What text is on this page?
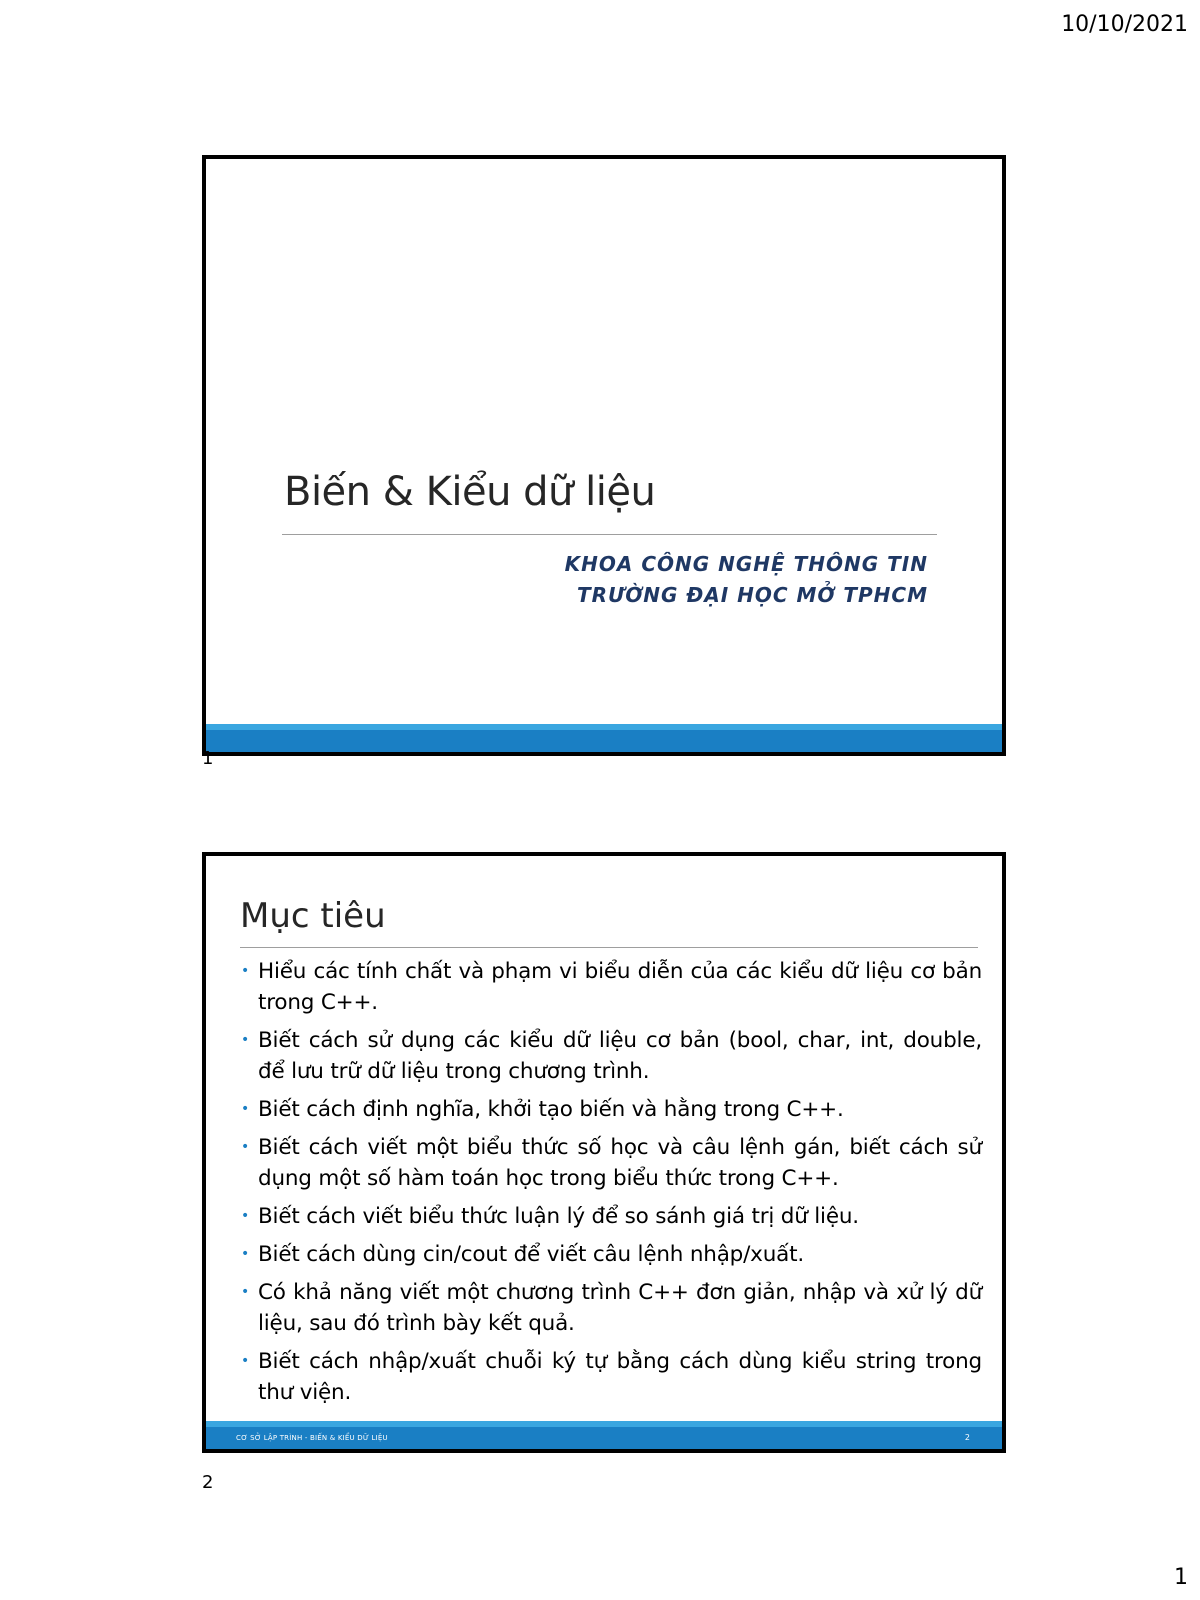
10/10/2021
Biến & Kiểu dữ liệu
KHOA CÔNG NGHỆ THÔNG TIN
TRƯỜNG ĐẠI HỌC MỞ TPHCM
1
Mục tiêu
• Hiểu các tính chất và phạm vi biểu diễn của các kiểu dữ liệu cơ bản trong C++.
• Biết cách sử dụng các kiểu dữ liệu cơ bản (bool, char, int, double, để lưu trữ dữ liệu trong chương trình.
• Biết cách định nghĩa, khởi tạo biến và hằng trong C++.
• Biết cách viết một biểu thức số học và câu lệnh gán, biết cách sử dụng một số hàm toán học trong biểu thức trong C++.
• Biết cách viết biểu thức luận lý để so sánh giá trị dữ liệu.
• Biết cách dùng cin/cout để viết câu lệnh nhập/xuất.
• Có khả năng viết một chương trình C++ đơn giản, nhập và xử lý dữ liệu, sau đó trình bày kết quả.
• Biết cách nhập/xuất chuỗi ký tự bằng cách dùng kiểu string trong thư viện.
CƠ SỞ LẬP TRÌNH - BIẾN & KIỂU DỮ LIỆU	2
2
1
